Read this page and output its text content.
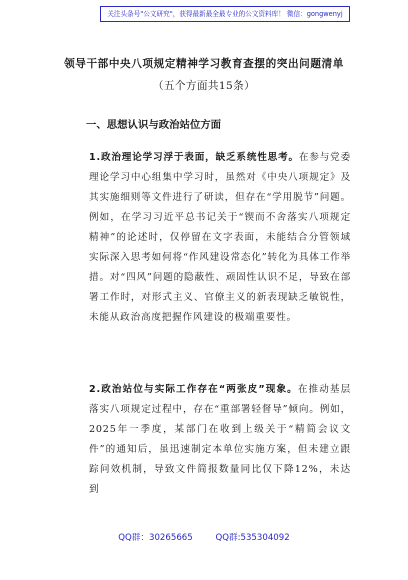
关注头条号"公文研究"，获得最新最全最专业的公文资料库！ 微信：gongwenyj
领导干部中央八项规定精神学习教育查摆的突出问题清单
（五个方面共15条）
一、思想认识与政治站位方面

1.政治理论学习浮于表面，缺乏系统性思考。在参与党委理论学习中心组集中学习时，虽然对《中央八项规定》及其实施细则等文件进行了研读，但存在“学用脱节”问题。例如，在学习习近平总书记关于“锲而不舍落实八项规定精神”的论述时，仅停留在文字表面，未能结合分管领域实际深入思考如何将“作风建设常态化”转化为具体工作举措。对“四风”问题的隐蔽性、顽固性认识不足，导致在部署工作时，对形式主义、官僚主义的新表现缺乏敏锐性，未能从政治高度把握作风建设的极端重要性。

2.政治站位与实际工作存在“两张皮”现象。在推动基层落实八项规定过程中，存在“重部署轻督导”倾向。例如，2025年一季度，某部门在收到上级关于“精简会议文件”的通知后，虽迅速制定本单位实施方案，但未建立跟踪问效机制，导致文件简报数量同比仅下降12%，未达到

QQ群：30265665	QQ群:535304092
